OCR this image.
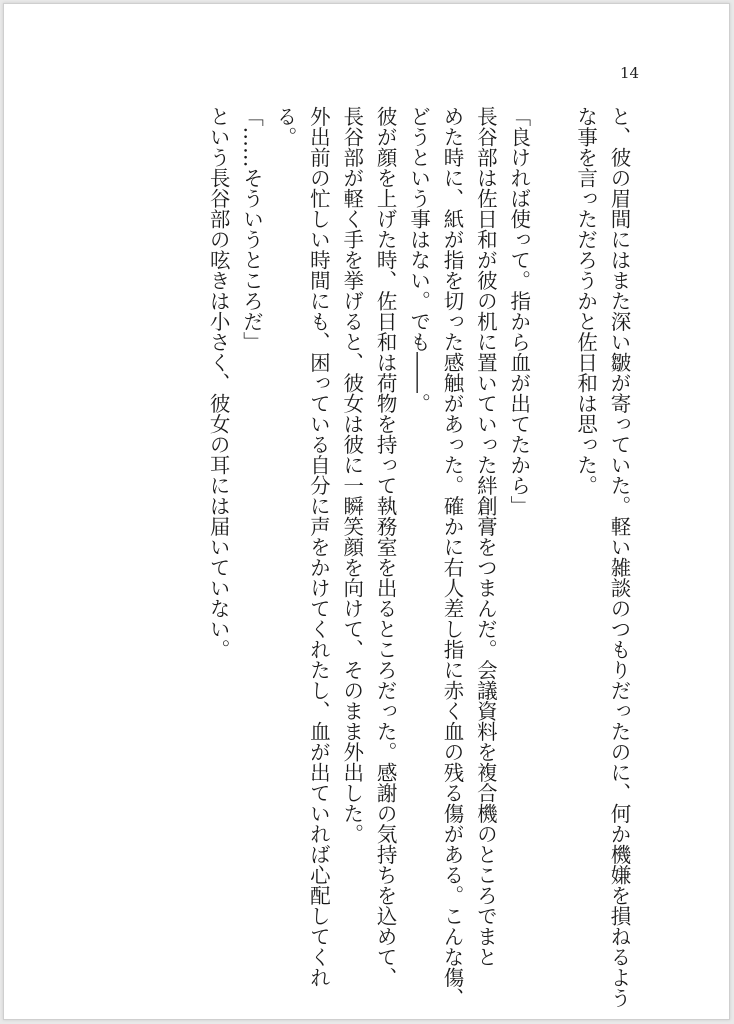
14

と、彼の眉間にはまた深い皺が寄っていた。軽い雑談のつもりだったのに、何か機嫌を損ねるよう
な事を言っただろうかと佐日和は思った。

「良ければ使って。指から血が出てたから」

長谷部は佐日和が彼の机に置いていった絆創膏をつまんだ。会議資料を複合機のところでまと
めた時に、紙が指を切った感触があった。確かに右人差し指に赤く血の残る傷がある。こんな傷、
どうという事はない。でも――。

彼が顔を上げた時、佐日和は荷物を持って執務室を出るところだった。感謝の気持ちを込めて、
長谷部が軽く手を挙げると、彼女は彼に一瞬笑顔を向けて、そのまま外出した。

外出前の忙しい時間にも、困っている自分に声をかけてくれたし、血が出ていれば心配してくれ
る。

「……そういうところだ」

という長谷部の呟きは小さく、彼女の耳には届いていない。
